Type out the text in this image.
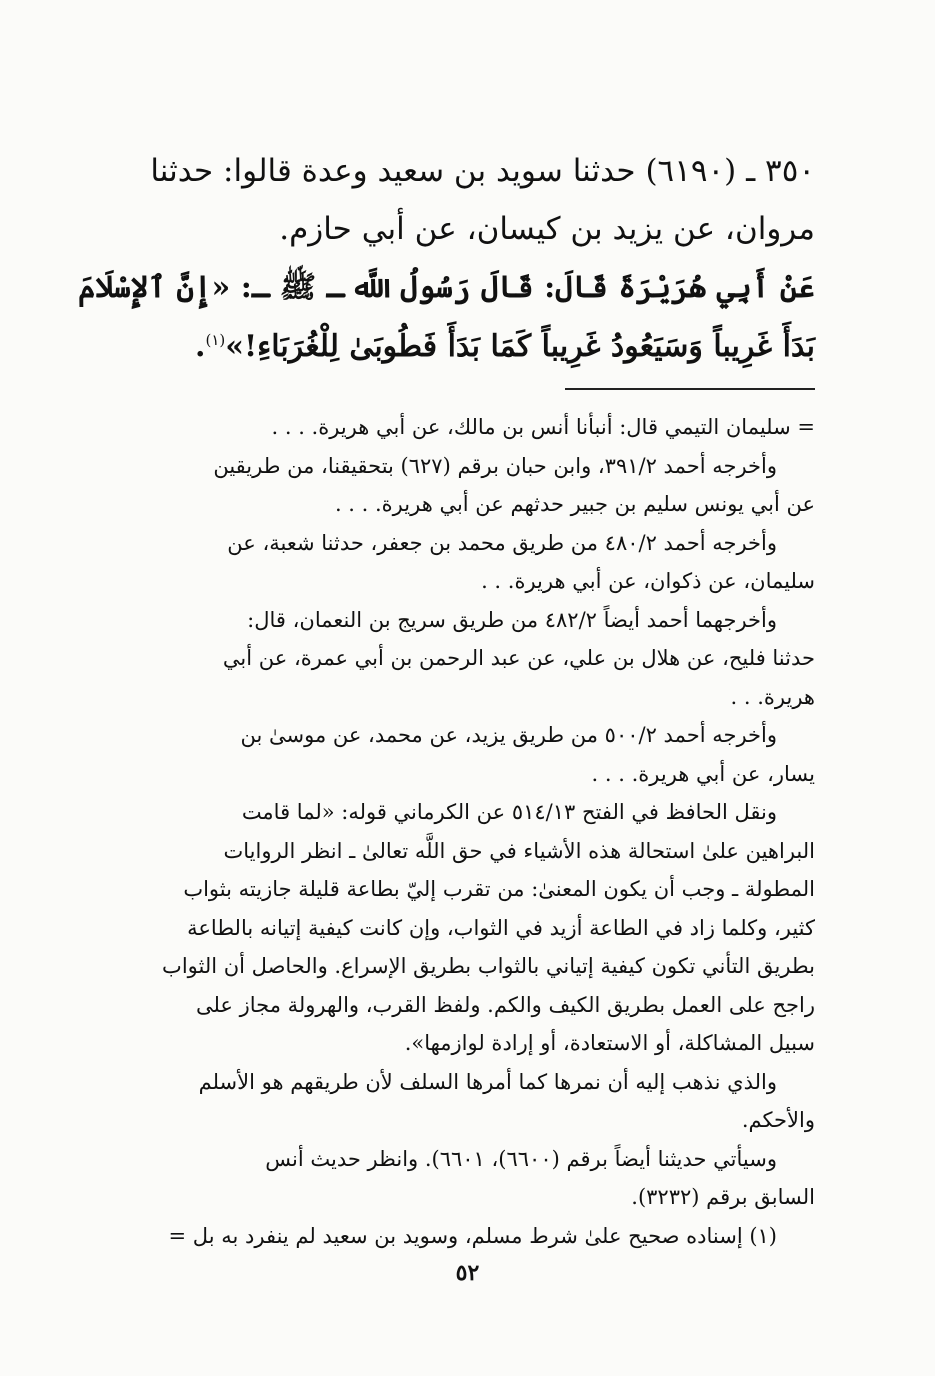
٣٥٠ ـ (٦١٩٠) حدثنا سويد بن سعيد وعدة قالوا: حدثنا

مروان، عن يزيد بن كيسان، عن أبي حازم.

عَنْ أَبِي هُرَيْرَةَ قَالَ: قَالَ رَسُولُ اللَّه ـ ﷺ ـ: «إِنَّ ٱلإِسْلَامَ

بَدَأَ غَرِيباً وَسَيَعُودُ غَرِيباً كَمَا بَدَأَ فَطُوبَىٰ لِلْغُرَبَاءِ!»$^{(١)}$.

= سليمان التيمي قال: أنبأنا أنس بن مالك، عن أبي هريرة. . . .

وأخرجه أحمد ٣٩١/٢، وابن حبان برقم (٦٢٧) بتحقيقنا، من طريقين

عن أبي يونس سليم بن جبير حدثهم عن أبي هريرة. . . .

وأخرجه أحمد ٤٨٠/٢ من طريق محمد بن جعفر، حدثنا شعبة، عن

سليمان، عن ذكوان، عن أبي هريرة. . .

وأخرجهما أحمد أيضاً ٤٨٢/٢ من طريق سريج بن النعمان، قال:

حدثنا فليح، عن هلال بن علي، عن عبد الرحمن بن أبي عمرة، عن أبي

هريرة. . .

وأخرجه أحمد ٥٠٠/٢ من طريق يزيد، عن محمد، عن موسىٰ بن

يسار، عن أبي هريرة. . . .

ونقل الحافظ في الفتح ٥١٤/١٣ عن الكرماني قوله: «لما قامت

البراهين علىٰ استحالة هذه الأشياء في حق اللَّه تعالىٰ ـ انظر الروايات

المطولة ـ وجب أن يكون المعنىٰ: من تقرب إليّ بطاعة قليلة جازيته بثواب

كثير، وكلما زاد في الطاعة أزيد في الثواب، وإن كانت كيفية إتيانه بالطاعة

بطريق التأني تكون كيفية إتياني بالثواب بطريق الإسراع. والحاصل أن الثواب

راجح على العمل بطريق الكيف والكم. ولفظ القرب، والهرولة مجاز على

سبيل المشاكلة، أو الاستعادة، أو إرادة لوازمها».

والذي نذهب إليه أن نمرها كما أمرها السلف لأن طريقهم هو الأسلم

والأحكم.

وسيأتي حديثنا أيضاً برقم (٦٦٠٠)، ٦٦٠١). وانظر حديث أنس

السابق برقم (٣٢٣٢).

(١) إسناده صحيح علىٰ شرط مسلم، وسويد بن سعيد لم ينفرد به بل =

٥٢
